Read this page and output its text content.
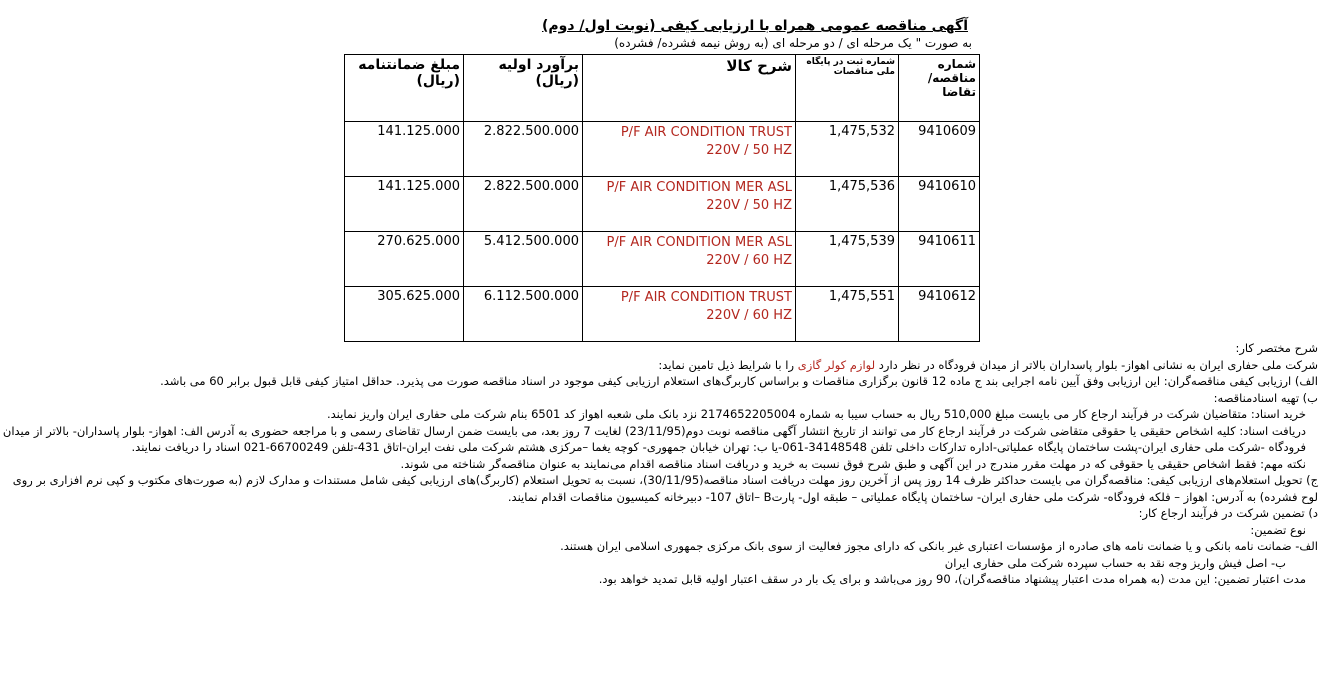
آگهی مناقصه عمومی همراه با ارزیابی کیفی (نوبت اول/ دوم)
به صورت " یک مرحله ای / دو مرحله ای (به روش نیمه فشرده/ فشرده)
شماره مناقصه/ تقاضا	شماره ثبت در پایگاه ملی مناقصات	شرح کالا	برآورد اولیه (ریال)	مبلغ ضمانتنامه (ریال)
9410609	1,475,532	P/F AIR CONDITION TRUST 220V / 50 HZ	2.822.500.000	141.125.000
9410610	1,475,536	P/F AIR CONDITION MER ASL 220V / 50 HZ	2.822.500.000	141.125.000
9410611	1,475,539	P/F AIR CONDITION MER ASL 220V / 60 HZ	5.412.500.000	270.625.000
9410612	1,475,551	P/F AIR CONDITION TRUST 220V / 60 HZ	6.112.500.000	305.625.000

شرح مختصر کار:

شرکت ملی حفاری ایران به نشانی اهواز- بلوار پاسداران بالاتر از میدان فرودگاه در نظر دارد لوازم کولر گازی را با شرایط ذیل تامین نماید:

الف) ارزیابی کیفی مناقصه‌گران: این ارزیابی وفق آیین نامه اجرایی بند ج ماده 12 قانون برگزاری مناقصات و براساس کاربرگ‌های استعلام ارزیابی کیفی موجود در اسناد مناقصه صورت می پذیرد. حداقل امتیاز کیفی قابل قبول برابر 60 می باشد.

ب) تهیه اسنادمناقصه:

خرید اسناد: متقاضیان شرکت در فرآیند ارجاع کار می بایست مبلغ 510,000 ریال به حساب سیبا به شماره 2174652205004 نزد بانک ملی شعبه اهواز کد 6501 بنام شرکت ملی حفاری ایران واریز نمایند.

دریافت اسناد: کلیه اشخاص حقیقی یا حقوقی متقاضی شرکت در فرآیند ارجاع کار می توانند از تاریخ انتشار آگهی مناقصه نوبت دوم(23/11/95) لغایت 7 روز بعد، می بایست ضمن ارسال تقاضای رسمی و با مراجعه حضوری به آدرس الف: اهواز- بلوار پاسداران- بالاتر از میدان فرودگاه -شرکت ملی حفاری ایران-پشت ساختمان پایگاه عملیاتی-اداره تدارکات داخلی تلفن 34148548-061-یا ب: تهران خیابان جمهوری- کوچه یغما –مرکزی هشتم شرکت ملی نفت ایران-اتاق 431-تلفن 66700249-021 اسناد را دریافت نمایند.

نکته مهم: فقط اشخاص حقیقی یا حقوقی که در مهلت مقرر مندرج در این آگهی و طبق شرح فوق نسبت به خرید و دریافت اسناد مناقصه اقدام می‌نمایند به عنوان مناقصه‌گر شناخته می شوند.

ج) تحویل استعلام‌های ارزیابی کیفی: مناقصه‌گران می بایست حداکثر ظرف 14 روز پس از آخرین روز مهلت دریافت اسناد مناقصه(30/11/95)، نسبت به تحویل استعلام (کاربرگ)های ارزیابی کیفی شامل مستندات و مدارک لازم (به صورت‌های مکتوب و کپی نرم افزاری بر روی لوح فشرده) به آدرس: اهواز – فلکه فرودگاه- شرکت ملی حفاری ایران- ساختمان پایگاه عملیاتی – طبقه اول- پارتB –اتاق 107- دبیرخانه کمیسیون مناقصات اقدام نمایند.

د) تضمین شرکت در فرآیند ارجاع کار:

نوع تضمین:

الف- ضمانت نامه بانکی و یا ضمانت نامه های صادره از مؤسسات اعتباری غیر بانکی که دارای مجوز فعالیت از سوی بانک مرکزی جمهوری اسلامی ایران هستند.

ب- اصل فیش واریز وجه نقد به حساب سپرده شرکت ملی حفاری ایران

مدت اعتبار تضمین: این مدت (به همراه مدت اعتبار پیشنهاد مناقصه‌گران)، 90 روز می‌باشد و برای یک بار در سقف اعتبار اولیه قابل تمدید خواهد بود.
